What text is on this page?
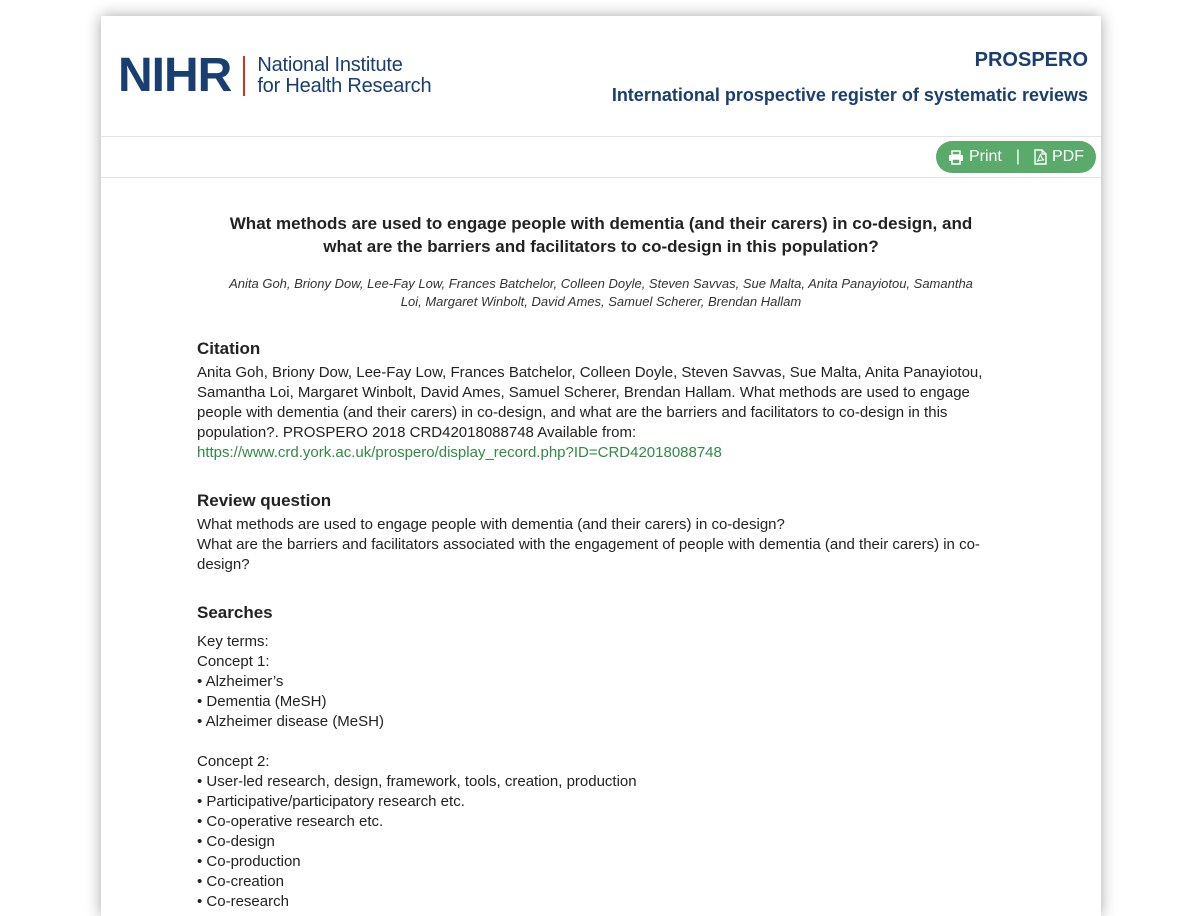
NIHR National Institute
for Health Research
PROSPERO
International prospective register of systematic reviews
Print | PDF
What methods are used to engage people with dementia (and their carers) in co-design, and what are the barriers and facilitators to co-design in this population?
Anita Goh, Briony Dow, Lee-Fay Low, Frances Batchelor, Colleen Doyle, Steven Savvas, Sue Malta, Anita Panayiotou, Samantha Loi, Margaret Winbolt, David Ames, Samuel Scherer, Brendan Hallam
Citation
Anita Goh, Briony Dow, Lee-Fay Low, Frances Batchelor, Colleen Doyle, Steven Savvas, Sue Malta, Anita Panayiotou, Samantha Loi, Margaret Winbolt, David Ames, Samuel Scherer, Brendan Hallam. What methods are used to engage people with dementia (and their carers) in co-design, and what are the barriers and facilitators to co-design in this population?. PROSPERO 2018 CRD42018088748 Available from:
https://www.crd.york.ac.uk/prospero/display_record.php?ID=CRD42018088748
Review question
What methods are used to engage people with dementia (and their carers) in co-design?
What are the barriers and facilitators associated with the engagement of people with dementia (and their carers) in co-design?
Searches
Key terms:
Concept 1:
• Alzheimer’s
• Dementia (MeSH)
• Alzheimer disease (MeSH)
Concept 2:
• User-led research, design, framework, tools, creation, production
• Participative/participatory research etc.
• Co-operative research etc.
• Co-design
• Co-production
• Co-creation
• Co-research
